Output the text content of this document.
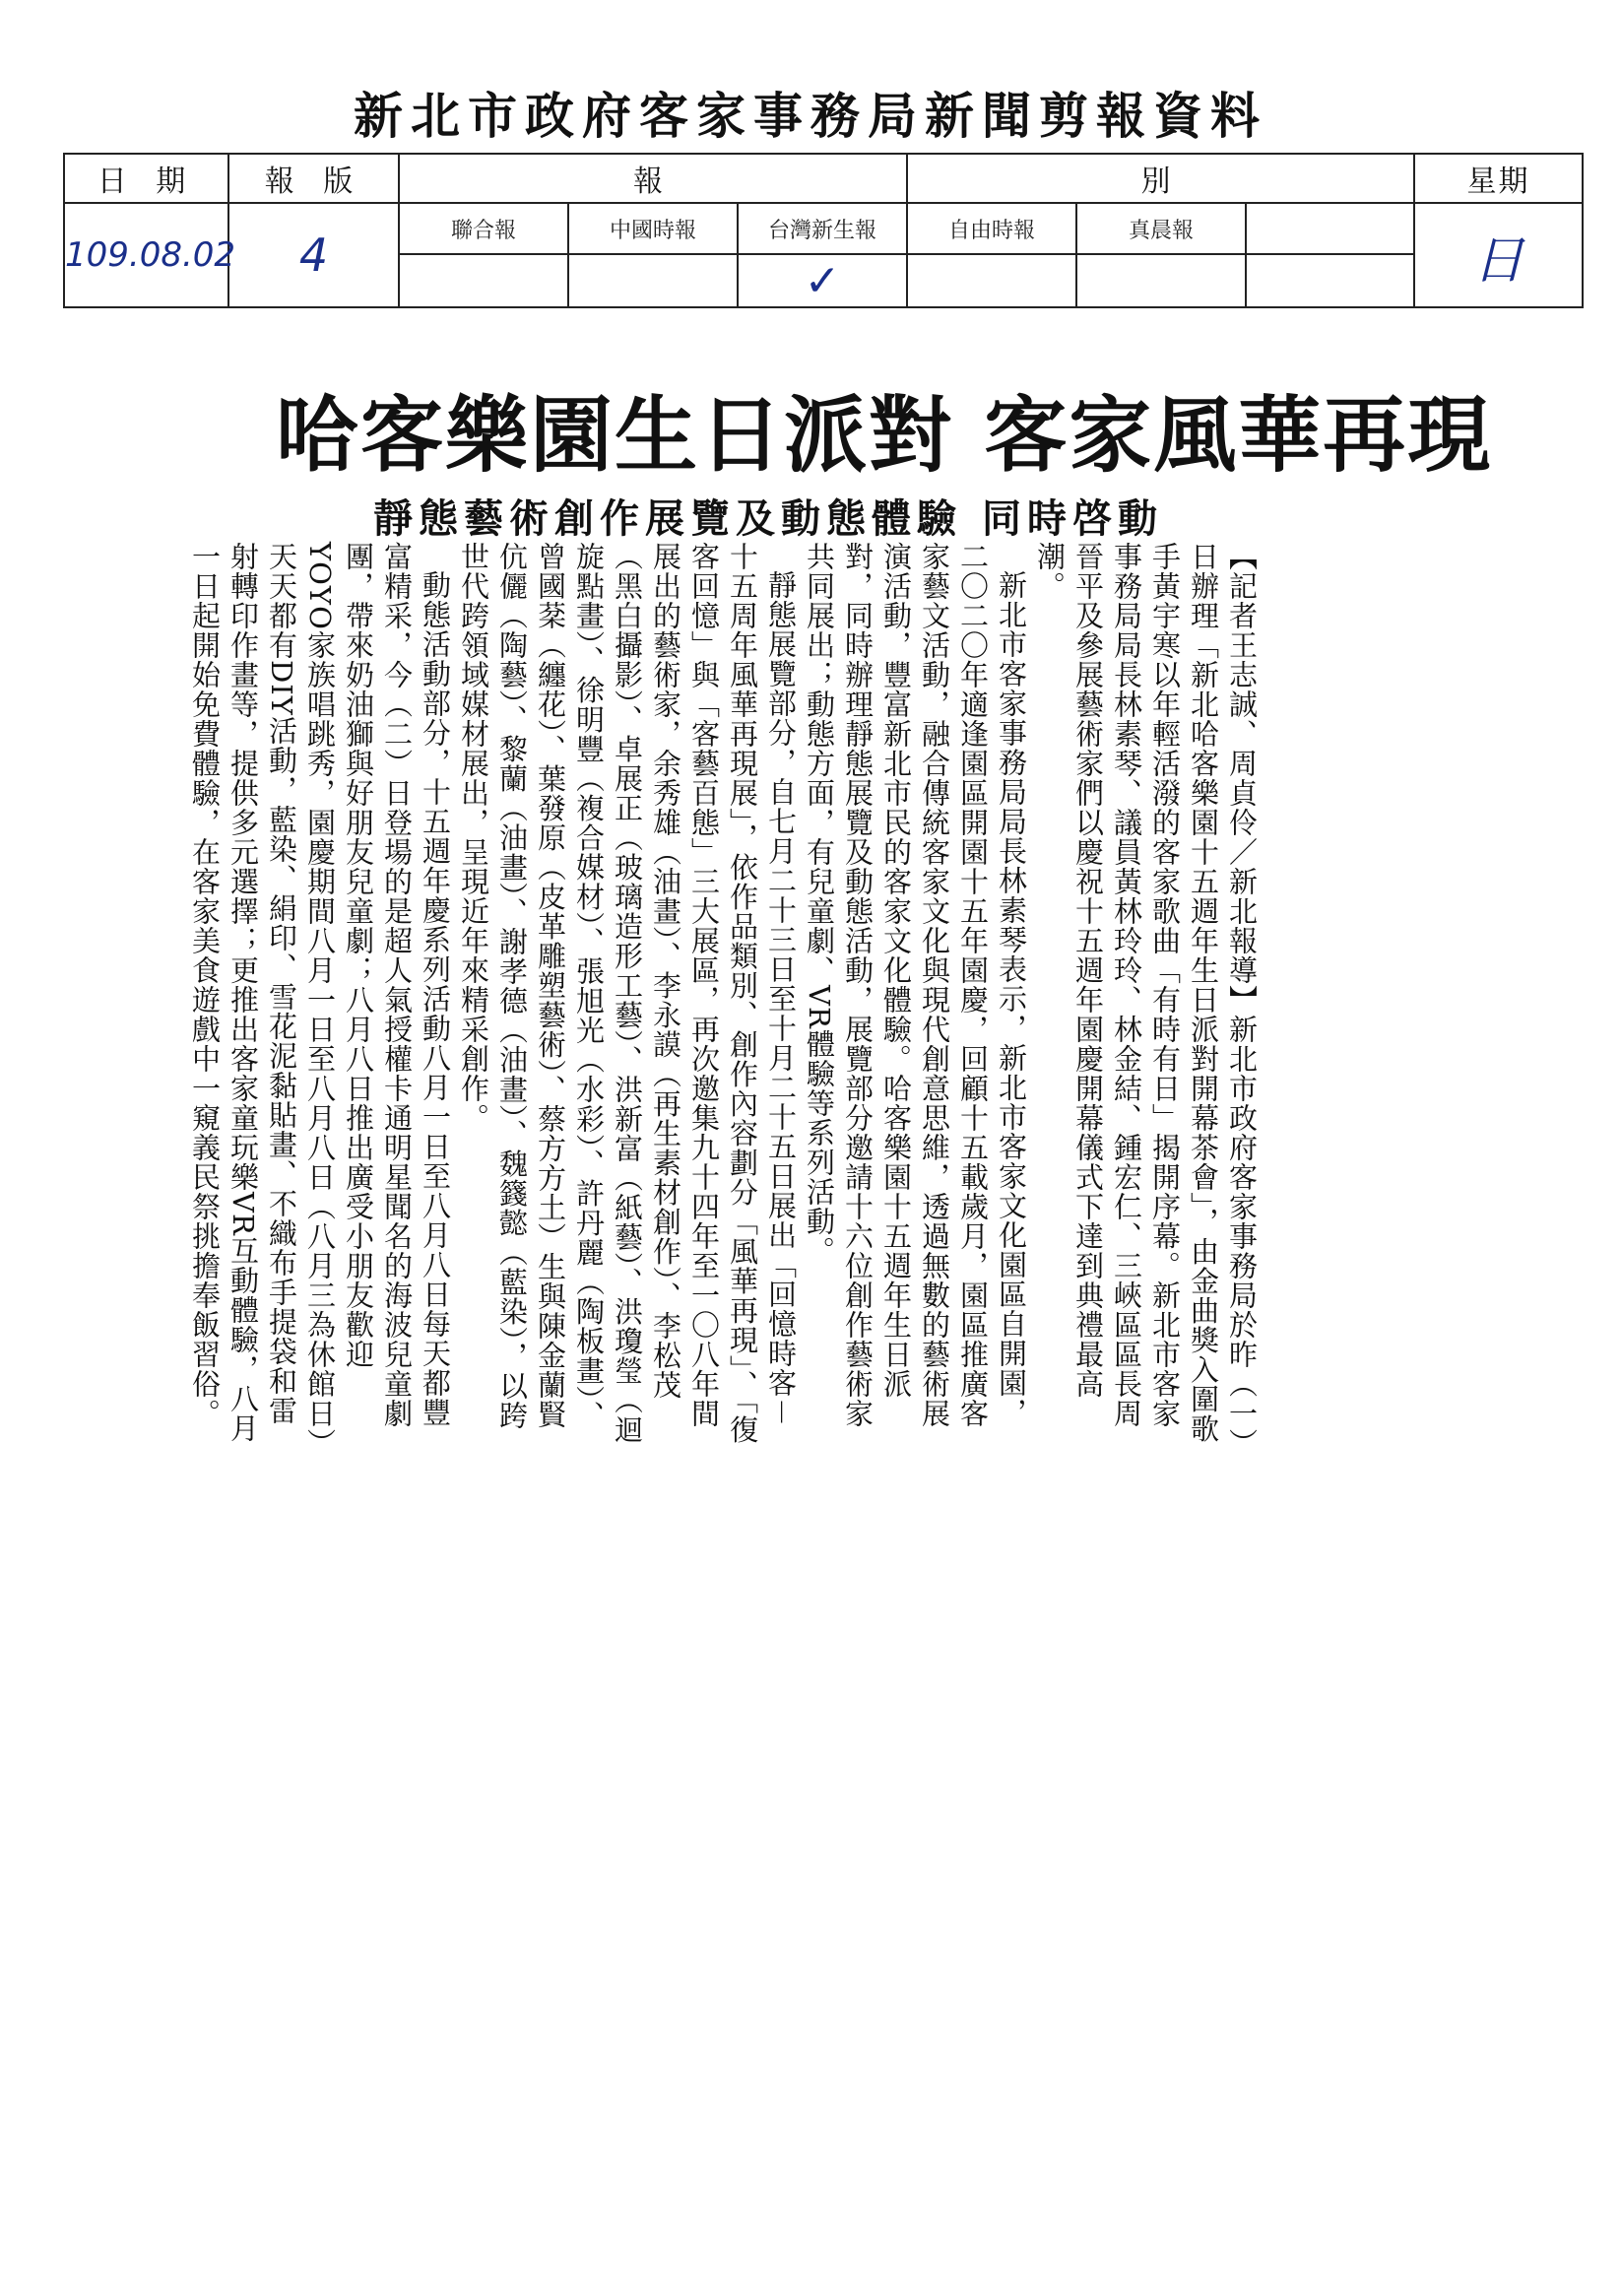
新北市政府客家事務局新聞剪報資料
日 期	報 版	報			別			星期
109.08.02	4	聯合報	中國時報	台灣新生報	自由時報	真晨報		日
				✓				
哈客樂園生日派對 客家風華再現
靜態藝術創作展覽及動態體驗 同時啓動

【記者王志誠、周貞伶／新北報導】新北市政府客家事務局於昨（一）日辦理「新北哈客樂園十五週年生日派對開幕茶會」，由金曲獎入圍歌手黃宇寒以年輕活潑的客家歌曲「有時有日」揭開序幕。新北市客家事務局局長林素琴、議員黃林玲玲、林金結、鍾宏仁、三峽區區長周晉平及參展藝術家們以慶祝十五週年園慶開幕儀式下達到典禮最高潮。

新北市客家事務局局長林素琴表示，新北市客家文化園區自開園，二〇二〇年適逢園區開園十五年園慶，回顧十五載歲月，園區推廣客家藝文活動，融合傳統客家文化與現代創意思維，透過無數的藝術展演活動，豐富新北市民的客家文化體驗。哈客樂園十五週年生日派對，同時辦理靜態展覽及動態活動，展覽部分邀請十六位創作藝術家共同展出；動態方面，有兒童劇、VR體驗等系列活動。

靜態展覽部分，自七月二十三日至十月二十五日展出「回憶時客－十五周年風華再現展」，依作品類別、創作內容劃分「風華再現」、「復客回憶」與「客藝百態」三大展區，再次邀集九十四年至一〇八年間展出的藝術家，余秀雄（油畫）、李永謨（再生素材創作）、李松茂（黑白攝影）、卓展正（玻璃造形工藝）、洪新富（紙藝）、洪瓊瑩（迴旋點畫）、徐明豐（複合媒材）、張旭光（水彩）、許丹麗（陶板畫）、曾國棻（纏花）、葉發原（皮革雕塑藝術）、蔡方方土）生與陳金蘭賢伉儷（陶藝）、黎蘭（油畫）、謝孝德（油畫）、魏籛懿（藍染），以跨世代跨領域媒材展出，呈現近年來精采創作。

動態活動部分，十五週年慶系列活動八月一日至八月八日每天都豐富精采，今（二）日登場的是超人氣授權卡通明星聞名的海波兒童劇團，帶來奶油獅與好朋友兒童劇；八月八日推出廣受小朋友歡迎YOYO家族唱跳秀，園慶期間八月一日至八月八日（八月三為休館日）天天都有DIY活動，藍染、絹印、雪花泥黏貼畫、不織布手提袋和雷射轉印作畫等，提供多元選擇；更推出客家童玩樂VR互動體驗，八月一日起開始免費體驗，在客家美食遊戲中一窺義民祭挑擔奉飯習俗。
